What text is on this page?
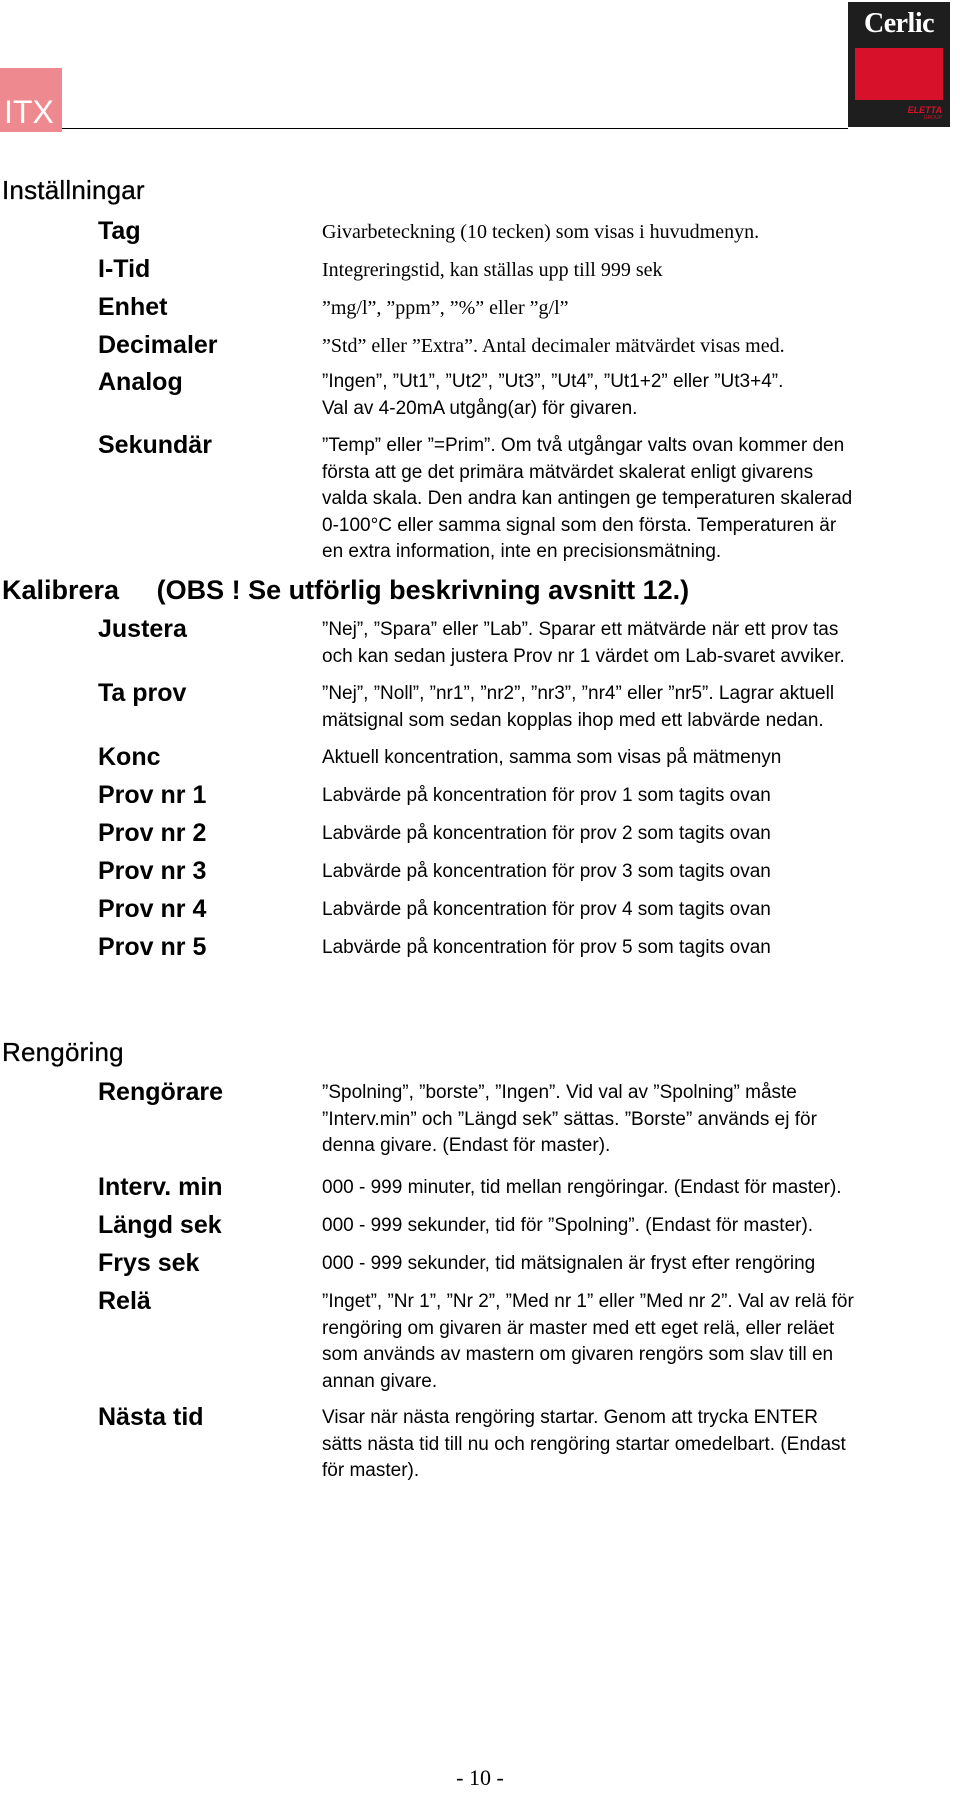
ITX
Cerlic
ELETTA
GROUP
Inställningar
Tag	Givarbeteckning (10 tecken) som visas i huvudmenyn.
I-Tid	Integreringstid, kan ställas upp till 999 sek
Enhet	”mg/l”, ”ppm”, ”%” eller ”g/l”
Decimaler	”Std” eller ”Extra”. Antal decimaler mätvärdet visas med.
Analog	”Ingen”, ”Ut1”, ”Ut2”, ”Ut3”, ”Ut4”, ”Ut1+2” eller ”Ut3+4”.
Val av 4-20mA utgång(ar) för givaren.
Sekundär	”Temp” eller ”=Prim”. Om två utgångar valts ovan kommer den
första att ge det primära mätvärdet skalerat enligt givarens
valda skala. Den andra kan antingen ge temperaturen skalerad
0-100°C eller samma signal som den första. Temperaturen är
en extra information, inte en precisionsmätning.
Kalibrera (OBS ! Se utförlig beskrivning avsnitt 12.)
Justera	”Nej”, ”Spara” eller ”Lab”. Sparar ett mätvärde när ett prov tas
och kan sedan justera Prov nr 1 värdet om Lab-svaret avviker.
Ta prov	”Nej”, ”Noll”, ”nr1”, ”nr2”, ”nr3”, ”nr4” eller ”nr5”. Lagrar aktuell
mätsignal som sedan kopplas ihop med ett labvärde nedan.
Konc	Aktuell koncentration, samma som visas på mätmenyn
Prov nr 1	Labvärde på koncentration för prov 1 som tagits ovan
Prov nr 2	Labvärde på koncentration för prov 2 som tagits ovan
Prov nr 3	Labvärde på koncentration för prov 3 som tagits ovan
Prov nr 4	Labvärde på koncentration för prov 4 som tagits ovan
Prov nr 5	Labvärde på koncentration för prov 5 som tagits ovan
Rengöring
Rengörare	”Spolning”, ”borste”, ”Ingen”. Vid val av ”Spolning” måste
”Interv.min” och ”Längd sek” sättas. ”Borste” används ej för
denna givare. (Endast för master).
Interv. min	000 - 999 minuter, tid mellan rengöringar. (Endast för master).
Längd sek	000 - 999 sekunder, tid för ”Spolning”. (Endast för master).
Frys sek	000 - 999 sekunder, tid mätsignalen är fryst efter rengöring
Relä	”Inget”, ”Nr 1”, ”Nr 2”, ”Med nr 1” eller ”Med nr 2”. Val av relä för
rengöring om givaren är master med ett eget relä, eller reläet
som används av mastern om givaren rengörs som slav till en
annan givare.
Nästa tid	Visar när nästa rengöring startar. Genom att trycka ENTER
sätts nästa tid till nu och rengöring startar omedelbart. (Endast
för master).
- 10 -
